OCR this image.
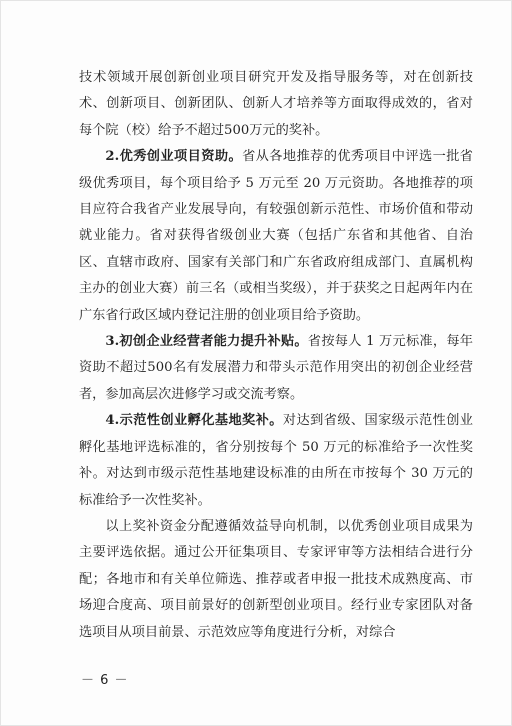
技术领域开展创新创业项目研究开发及指导服务等，对在创新技术、创新项目、创新团队、创新人才培养等方面取得成效的，省对每个院（校）给予不超过500万元的奖补。

2.优秀创业项目资助。省从各地推荐的优秀项目中评选一批省级优秀项目，每个项目给予 5 万元至 20 万元资助。各地推荐的项目应符合我省产业发展导向，有较强创新示范性、市场价值和带动就业能力。省对获得省级创业大赛（包括广东省和其他省、自治区、直辖市政府、国家有关部门和广东省政府组成部门、直属机构主办的创业大赛）前三名（或相当奖级），并于获奖之日起两年内在广东省行政区域内登记注册的创业项目给予资助。

3.初创企业经营者能力提升补贴。省按每人 1 万元标准，每年资助不超过500名有发展潜力和带头示范作用突出的初创企业经营者，参加高层次进修学习或交流考察。

4.示范性创业孵化基地奖补。对达到省级、国家级示范性创业孵化基地评选标准的，省分别按每个 50 万元的标准给予一次性奖补。对达到市级示范性基地建设标准的由所在市按每个 30 万元的标准给予一次性奖补。

以上奖补资金分配遵循效益导向机制，以优秀创业项目成果为主要评选依据。通过公开征集项目、专家评审等方法相结合进行分配；各地市和有关单位筛选、推荐或者申报一批技术成熟度高、市场迎合度高、项目前景好的创新型创业项目。经行业专家团队对备选项目从项目前景、示范效应等角度进行分析，对综合

－ 6 －
